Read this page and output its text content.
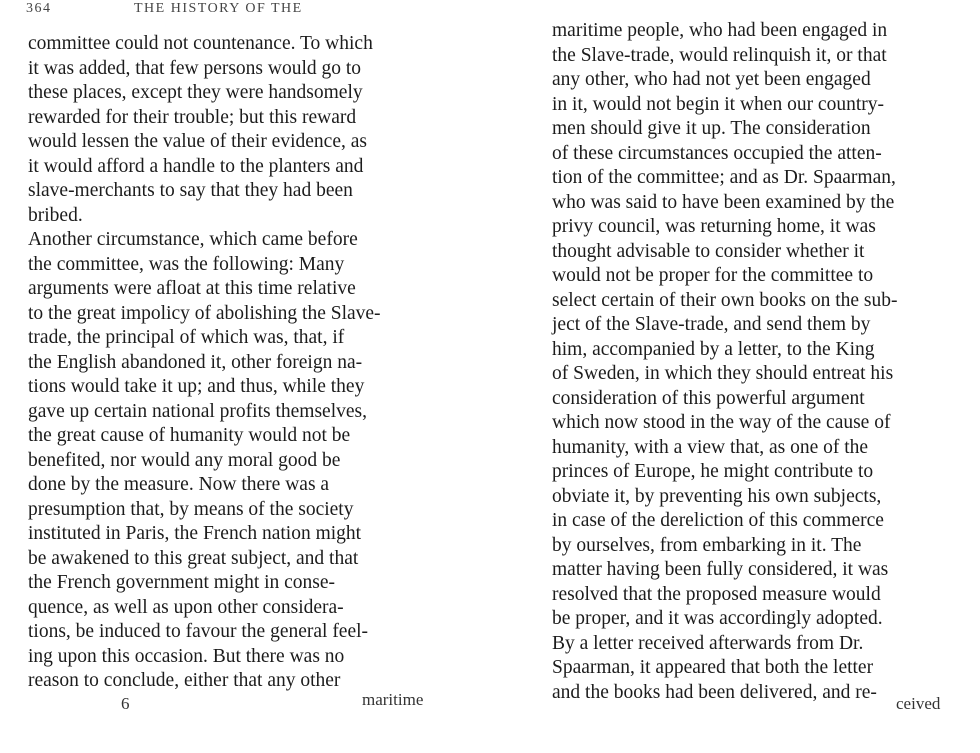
364	THE HISTORY OF THE
committee could not countenance. To which
it was added, that few persons would go to
these places, except they were handsomely
rewarded for their trouble; but this reward
would lessen the value of their evidence, as
it would afford a handle to the planters and
slave-merchants to say that they had been
bribed.
Another circumstance, which came before
the committee, was the following: Many
arguments were afloat at this time relative
to the great impolicy of abolishing the Slave-
trade, the principal of which was, that, if
the English abandoned it, other foreign na-
tions would take it up; and thus, while they
gave up certain national profits themselves,
the great cause of humanity would not be
benefited, nor would any moral good be
done by the measure. Now there was a
presumption that, by means of the society
instituted in Paris, the French nation might
be awakened to this great subject, and that
the French government might in conse-
quence, as well as upon other considera-
tions, be induced to favour the general feel-
ing upon this occasion. But there was no
reason to conclude, either that any other
6	maritime
maritime people, who had been engaged in
the Slave-trade, would relinquish it, or that
any other, who had not yet been engaged
in it, would not begin it when our country-
men should give it up. The consideration
of these circumstances occupied the atten-
tion of the committee; and as Dr. Spaarman,
who was said to have been examined by the
privy council, was returning home, it was
thought advisable to consider whether it
would not be proper for the committee to
select certain of their own books on the sub-
ject of the Slave-trade, and send them by
him, accompanied by a letter, to the King
of Sweden, in which they should entreat his
consideration of this powerful argument
which now stood in the way of the cause of
humanity, with a view that, as one of the
princes of Europe, he might contribute to
obviate it, by preventing his own subjects,
in case of the dereliction of this commerce
by ourselves, from embarking in it. The
matter having been fully considered, it was
resolved that the proposed measure would
be proper, and it was accordingly adopted.
By a letter received afterwards from Dr.
Spaarman, it appeared that both the letter
and the books had been delivered, and re-
ceived
